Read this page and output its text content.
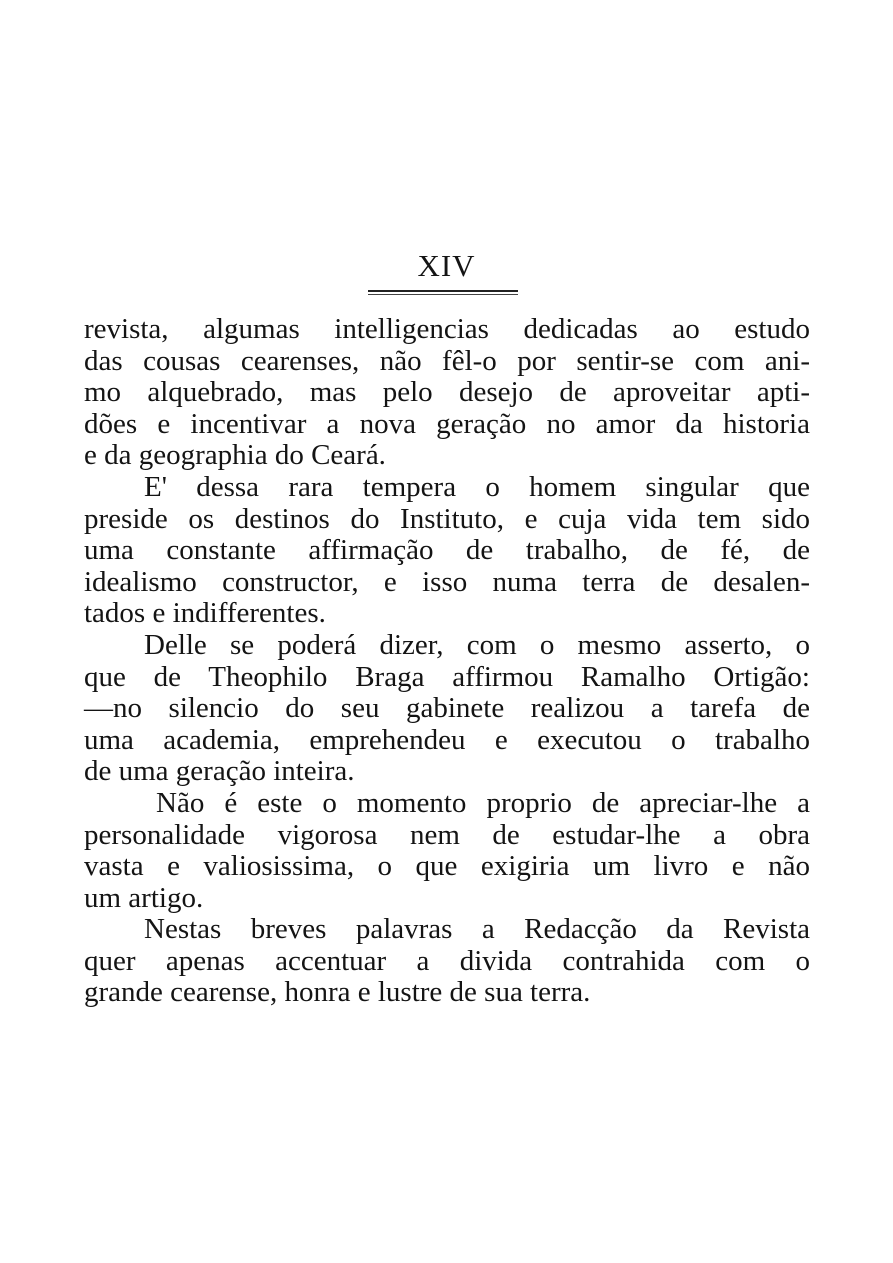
XIV
revista, algumas intelligencias dedicadas ao estudo
das cousas cearenses, não fêl-o por sentir-se com ani-
mo alquebrado, mas pelo desejo de aproveitar apti-
dões e incentivar a nova geração no amor da historia
e da geographia do Ceará.
E' dessa rara tempera o homem singular que
preside os destinos do Instituto, e cuja vida tem sido
uma constante affirmação de trabalho, de fé, de
idealismo constructor, e isso numa terra de desalen-
tados e indifferentes.
Delle se poderá dizer, com o mesmo asserto, o
que de Theophilo Braga affirmou Ramalho Ortigão:
—no silencio do seu gabinete realizou a tarefa de
uma academia, emprehendeu e executou o trabalho
de uma geração inteira.
Não é este o momento proprio de apreciar-lhe a
personalidade vigorosa nem de estudar-lhe a obra
vasta e valiosissima, o que exigiria um livro e não
um artigo.
Nestas breves palavras a Redacção da Revista
quer apenas accentuar a divida contrahida com o
grande cearense, honra e lustre de sua terra.
